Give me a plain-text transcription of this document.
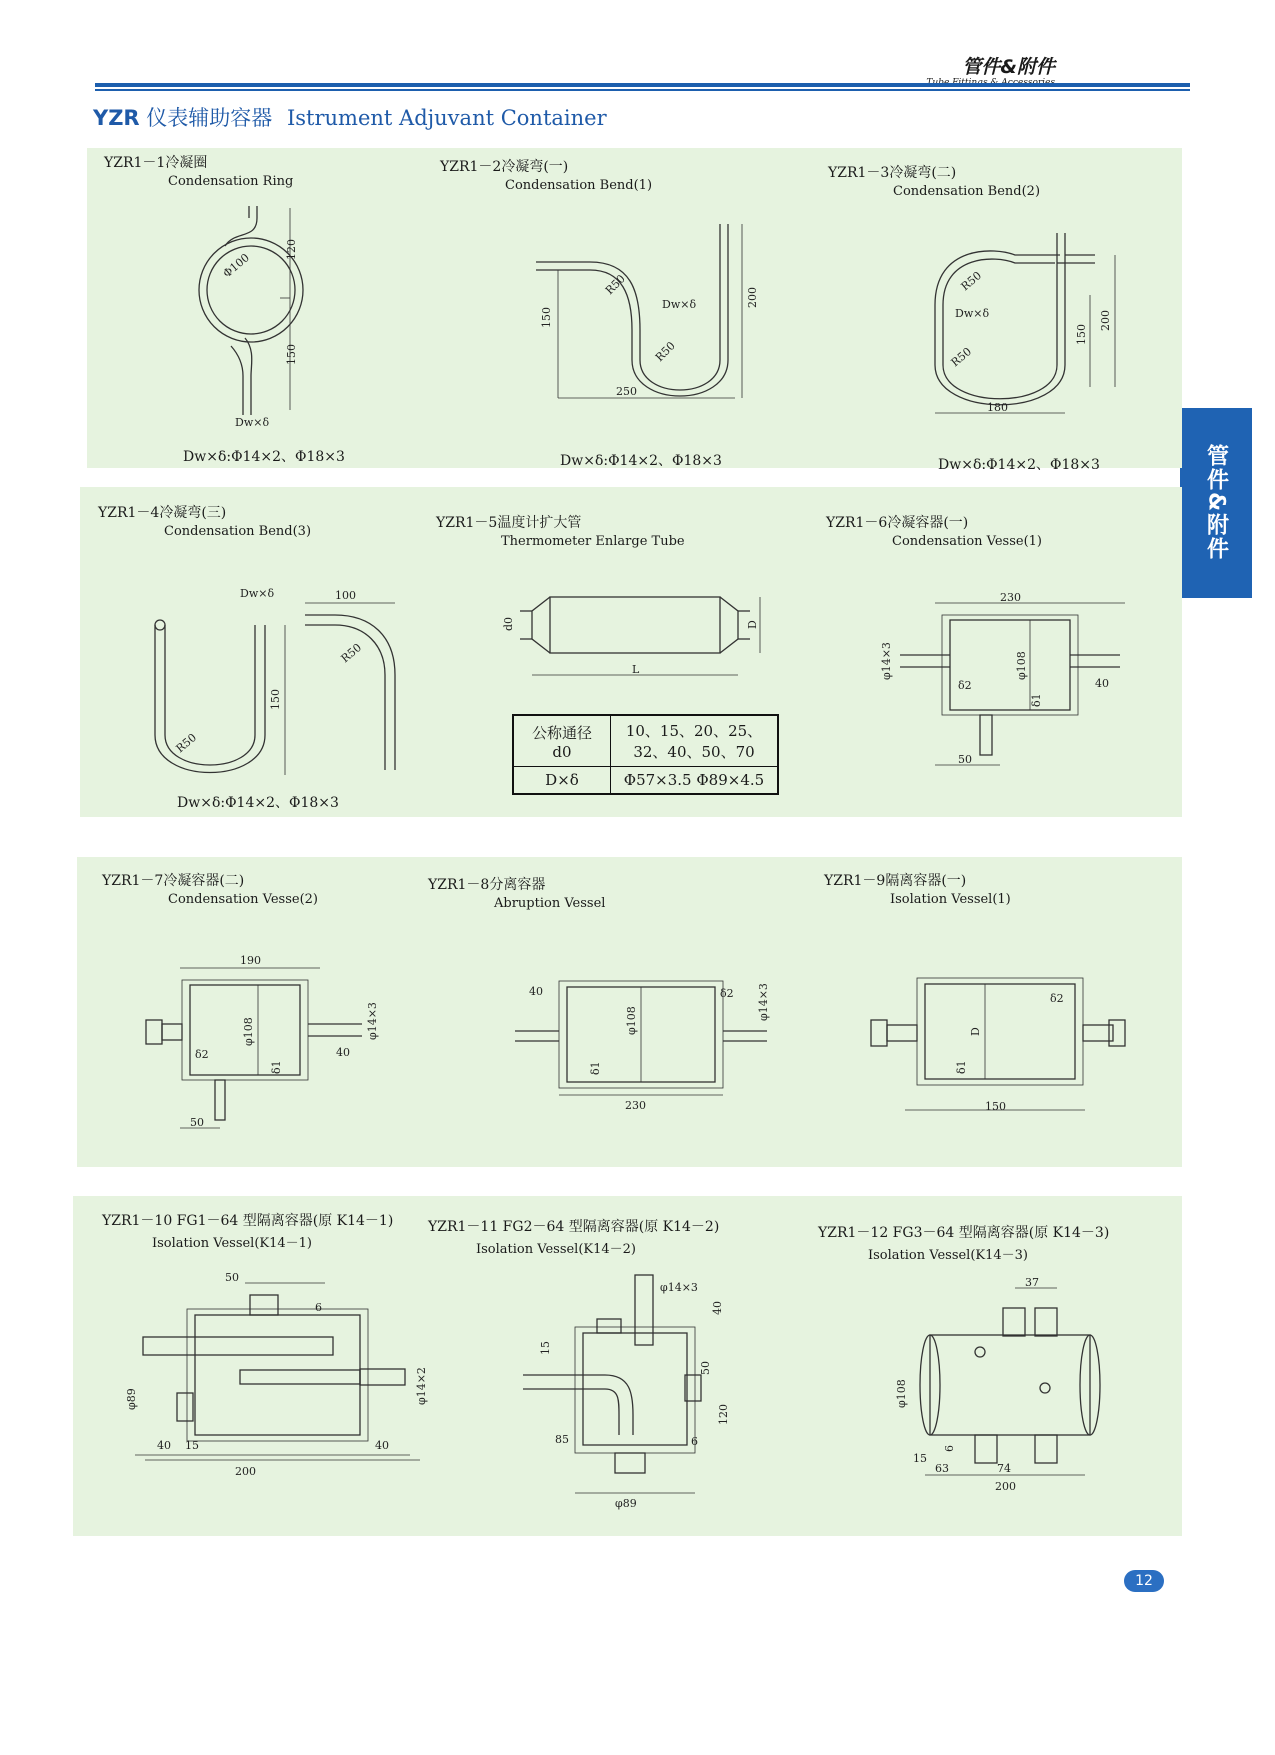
管件&附件
YZR 仪表辅助容器 Istrument Adjuvant Container
管件&附件
YZR1－1冷凝圈
Condensation Ring
120
150
Φ100
Dw×δ
Dw×δ:Φ14×2、Φ18×3
YZR1－2冷凝弯(一)
Condensation Bend(1)
150
200
250
R50
R50
Dw×δ
Dw×δ:Φ14×2、Φ18×3
YZR1－3冷凝弯(二)
Condensation Bend(2)
150
200
180
R50
R50
Dw×δ
Dw×δ:Φ14×2、Φ18×3
YZR1－4冷凝弯(三)
Condensation Bend(3)
Dw×δ
150
100
R50
R50
Dw×δ:Φ14×2、Φ18×3
YZR1－5温度计扩大管
Thermometer Enlarge Tube
d0	D
L
公称通径 d0	10、15、20、25、32、40、50、70
D×δ	Φ57×3.5 Φ89×4.5
YZR1－6冷凝容器(一)
Condensation Vesse(1)
230
φ14×3	φ108
δ2
δ1
40
50
YZR1－7冷凝容器(二)
Condensation Vesse(2)
190
φ108	φ14×3
δ2
δ1
40
50
YZR1－8分离容器
Abruption Vessel
40	δ2 φ14×3
φ108
δ1
230
YZR1－9隔离容器(一)
Isolation Vessel(1)
δ2
D
δ1
150
YZR1－10 FG1－64 型隔离容器(原 K14－1)
Isolation Vessel(K14－1)
50
6
φ89	φ14×2
40 15
200
40
YZR1－11 FG2－64 型隔离容器(原 K14－2)
Isolation Vessel(K14－2)
φ14×3
40
15
50
120
85	6
φ89
YZR1－12 FG3－64 型隔离容器(原 K14－3)
Isolation Vessel(K14－3)
37
φ108
6
15
63	74
200
12
